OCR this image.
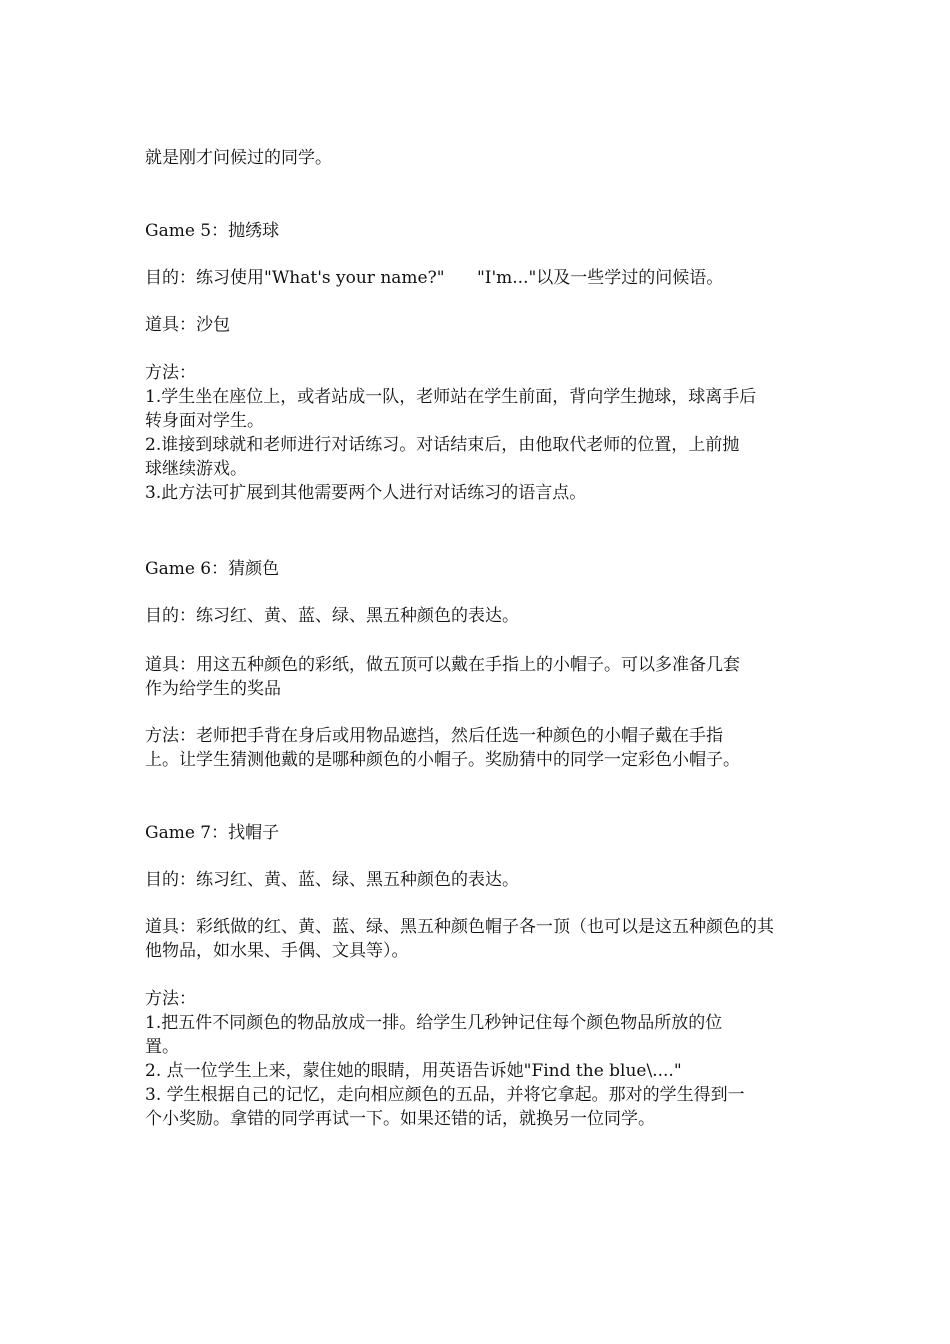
就是刚才问候过的同学。

Game 5：抛绣球

目的：练习使用"What's your name?"      "I'm..."以及一些学过的问候语。

道具：沙包

方法：

1.学生坐在座位上，或者站成一队，老师站在学生前面，背向学生抛球，球离手后

转身面对学生。

2.谁接到球就和老师进行对话练习。对话结束后，由他取代老师的位置，上前抛

球继续游戏。

3.此方法可扩展到其他需要两个人进行对话练习的语言点。

Game 6：猜颜色

目的：练习红、黄、蓝、绿、黑五种颜色的表达。

道具：用这五种颜色的彩纸，做五顶可以戴在手指上的小帽子。可以多准备几套

作为给学生的奖品

方法：老师把手背在身后或用物品遮挡，然后任选一种颜色的小帽子戴在手指

上。让学生猜测他戴的是哪种颜色的小帽子。奖励猜中的同学一定彩色小帽子。

Game 7：找帽子

目的：练习红、黄、蓝、绿、黑五种颜色的表达。

道具：彩纸做的红、黄、蓝、绿、黑五种颜色帽子各一顶（也可以是这五种颜色的其

他物品，如水果、手偶、文具等）。

方法：

1.把五件不同颜色的物品放成一排。给学生几秒钟记住每个颜色物品所放的位

置。

2. 点一位学生上来，蒙住她的眼睛，用英语告诉她"Find the blue\...."

3. 学生根据自己的记忆，走向相应颜色的五品，并将它拿起。那对的学生得到一

个小奖励。拿错的同学再试一下。如果还错的话，就换另一位同学。
